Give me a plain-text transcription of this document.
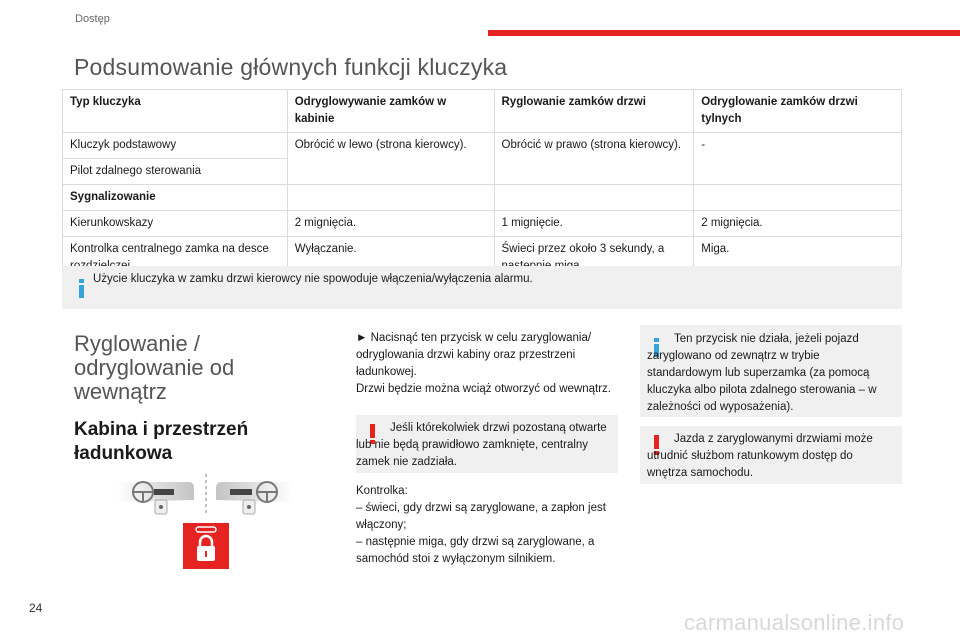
Dostęp
Podsumowanie głównych funkcji kluczyka
Typ kluczyka	Odryglowywanie zamków w kabinie	Ryglowanie zamków drzwi	Odryglowanie zamków drzwi tylnych
Kluczyk podstawowy	Obrócić w lewo (strona kierowcy).	Obrócić w prawo (strona kierowcy).	-
Pilot zdalnego sterowania			
Sygnalizowanie			
Kierunkowskazy	2 mignięcia.	1 mignięcie.	2 mignięcia.
Kontrolka centralnego zamka na desce	Wyłączanie.	Świeci przez około 3 sekundy, a	Miga.
Użycie kluczyka w zamku drzwi kierowcy nie spowoduje włączenia/wyłączenia alarmu.
Ryglowanie /
odryglowanie od
wewnątrz
Kabina i przestrzeń
ładunkowa
► Nacisnąć ten przycisk w celu zaryglowania/ odryglowania drzwi kabiny oraz przestrzeni ładunkowej.
Drzwi będzie można wciąż otworzyć od wewnątrz.
Jeśli którekolwiek drzwi pozostaną otwarte lub nie będą prawidłowo zamknięte, centralny zamek nie zadziała.
Kontrolka:
– świeci, gdy drzwi są zaryglowane, a zapłon jest włączony;
– następnie miga, gdy drzwi są zaryglowane, a samochód stoi z wyłączonym silnikiem.
Ten przycisk nie działa, jeżeli pojazd zaryglowano od zewnątrz w trybie standardowym lub superzamka (za pomocą kluczyka albo pilota zdalnego sterowania – w zależności od wyposażenia).
Jazda z zaryglowanymi drzwiami może utrudnić służbom ratunkowym dostęp do wnętrza samochodu.
24
carmanualsonline.info
